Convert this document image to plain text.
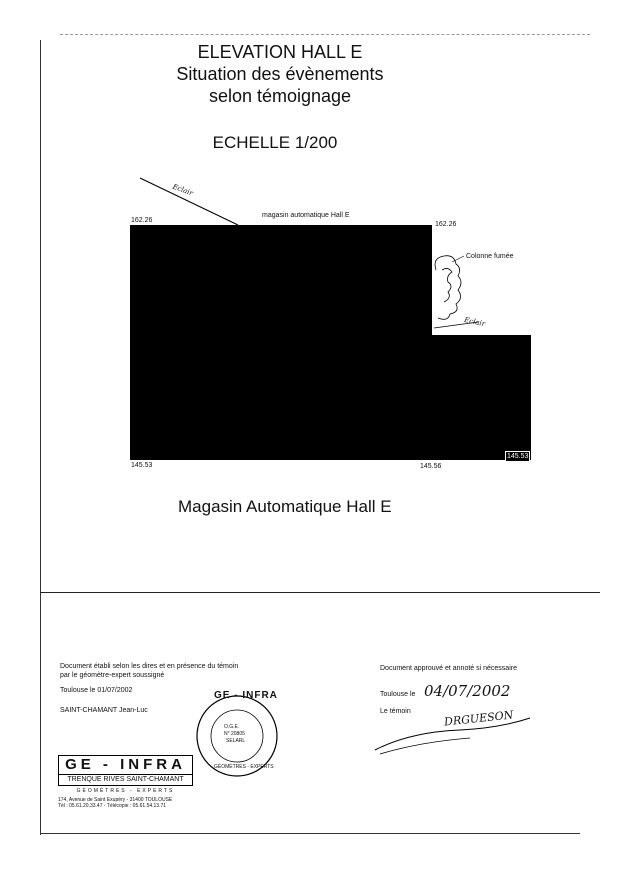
ELEVATION HALL E
Situation des évènements
selon témoignage
ECHELLE 1/200
magasin automatique Hall E
Eclair
Colonne fumée
Eclair
162.26
162.26
154.53
145.53	145.56
145.53
Magasin Automatique Hall E
Document établi selon les dires et en présence du témoin
par le géomètre-expert soussigné
Toulouse le 01/07/2002
SAINT-CHAMANT Jean-Luc
GE - INFRA
O.G.E.
N° 20805
SELARL
GÉOMÈTRES - EXPERTS
GE - INFRA
TRENQUE RIVES SAINT-CHAMANT
GÉOMÈTRES - EXPERTS
174, Avenue de Saint Exupéry - 31400 TOULOUSE
Tél : 05.61.20.33.47 - Télécopie : 05.61.54.13.71
Document approuvé et annoté si nécessaire
Toulouse le 04/07/2002
Le témoin	DRGUESON
